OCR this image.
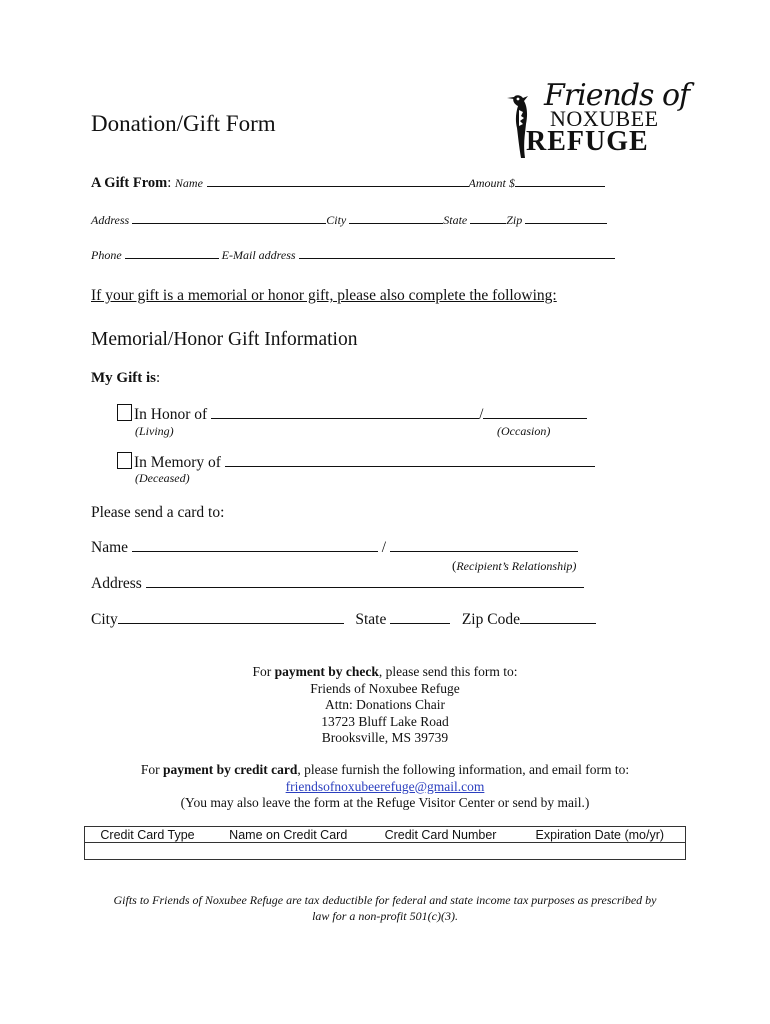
Donation/Gift Form
Friends of
NOXUBEE
REFUGE
A Gift From: Name	Amount $
Address	City	State	Zip
Phone	E-Mail address
If your gift is a memorial or honor gift, please also complete the following:
Memorial/Honor Gift Information
My Gift is:
In Honor of	/
(Living)	(Occasion)
In Memory of
(Deceased)
Please send a card to:
Name	/
(Recipient’s Relationship)
Address
City	State	Zip Code
For payment by check, please send this form to:
Friends of Noxubee Refuge
Attn: Donations Chair
13723 Bluff Lake Road
Brooksville, MS 39739
For payment by credit card, please furnish the following information, and email form to:
friendsofnoxubeerefuge@gmail.com
(You may also leave the form at the Refuge Visitor Center or send by mail.)
Credit Card Type	Name on Credit Card	Credit Card Number	Expiration Date (mo/yr)

Gifts to Friends of Noxubee Refuge are tax deductible for federal and state income tax purposes as prescribed by
law for a non-profit 501(c)(3).
